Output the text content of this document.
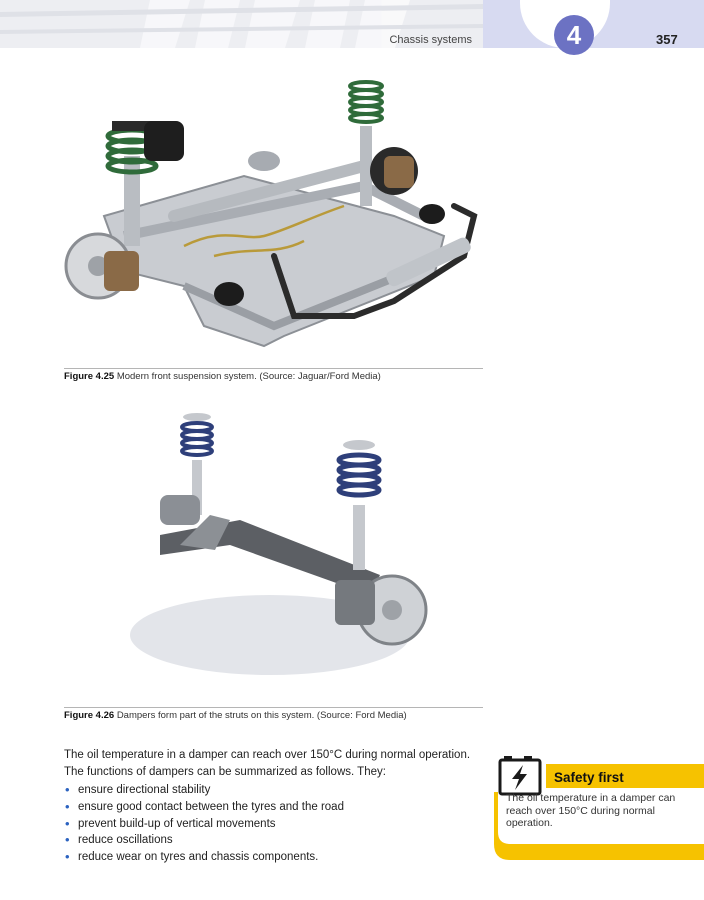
Chassis systems	4	357
Figure 4.25 Modern front suspension system. (Source: Jaguar/Ford Media)
Figure 4.26 Dampers form part of the struts on this system. (Source: Ford Media)

The oil temperature in a damper can reach over 150°C during normal operation.

The functions of dampers can be summarized as follows. They:

• ensure directional stability
• ensure good contact between the tyres and the road
• prevent build-up of vertical movements
• reduce oscillations
• reduce wear on tyres and chassis components.
Safety first
The oil temperature in a damper can reach over 150°C during normal operation.
